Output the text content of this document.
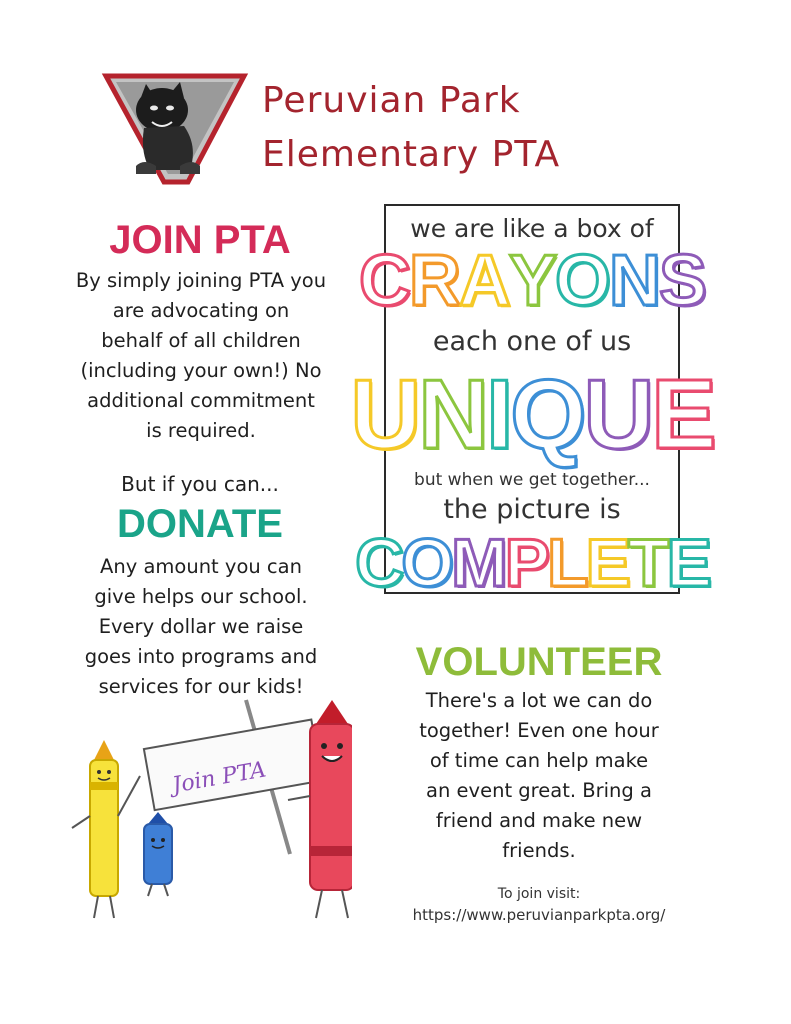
Peruvian Park
Elementary PTA
JOIN PTA
By simply joining PTA you
are advocating on
behalf of all children
(including your own!) No
additional commitment
is required.
But if you can...
DONATE
Any amount you can
give helps our school.
Every dollar we raise
goes into programs and
services for our kids!
we are like a box of
C R A Y O N S
each one of us
U N I Q U E
but when we get together...
the picture is
C O M P L E T E
VOLUNTEER
There's a lot we can do
together! Even one hour
of time can help make
an event great. Bring a
friend and make new
friends.
To join visit:
https://www.peruvianparkpta.org/
Join PTA
